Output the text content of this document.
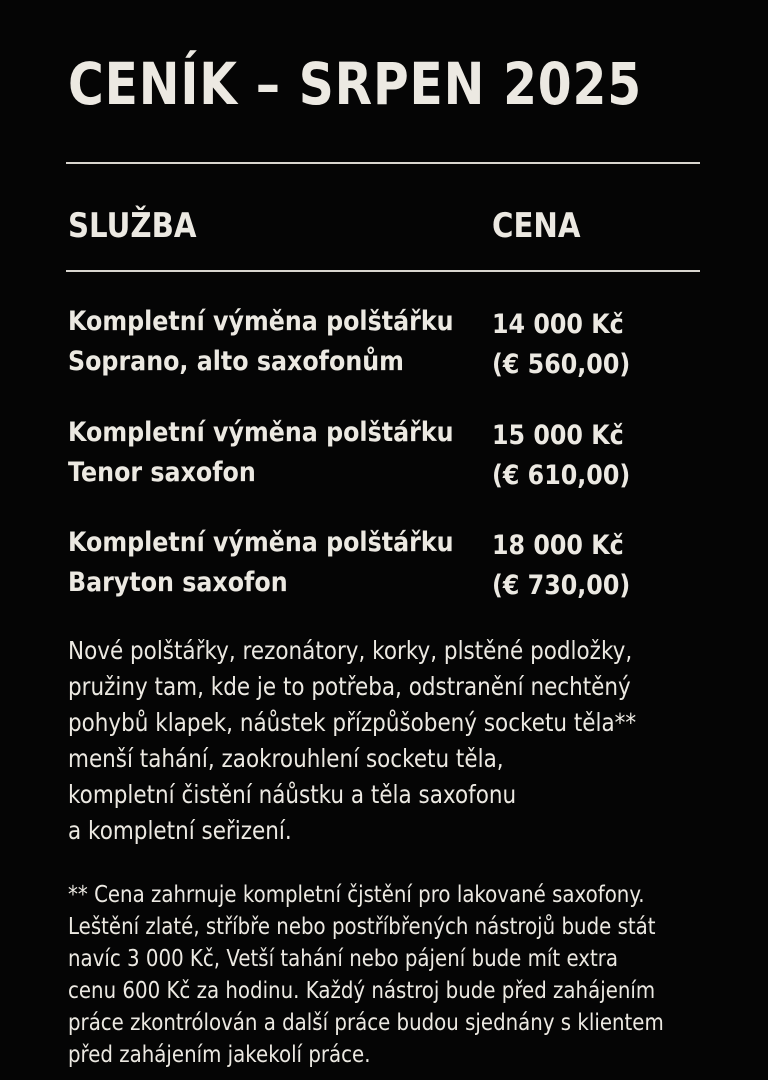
CENÍK – SRPEN 2025
SLUŽBA	CENA
Kompletní výměna polštářku
Soprano, alto saxofonům
14 000 Kč
(€ 560,00)
Kompletní výměna polštářku
Tenor saxofon
15 000 Kč
(€ 610,00)
Kompletní výměna polštářku
Baryton saxofon
18 000 Kč
(€ 730,00)
Nové polštářky, rezonátory, korky, plstěné podložky,
pružiny tam, kde je to potřeba, odstranění nechtěný
pohybů klapek, náůstek přízpůšobený socketu těla**
menší tahání, zaokrouhlení socketu těla,
kompletní čistění náůstku a těla saxofonu
a kompletní seřizení.
** Cena zahrnuje kompletní čjstění pro lakované saxofony.
Leštění zlaté, stříbře nebo postříbřených nástrojů bude stát
navíc 3 000 Kč, Vetší tahání nebo pájení bude mít extra
cenu 600 Kč za hodinu. Každý nástroj bude před zahájením
práce zkontrólován a další práce budou sjednány s klientem
před zahájením jakekolí práce.
